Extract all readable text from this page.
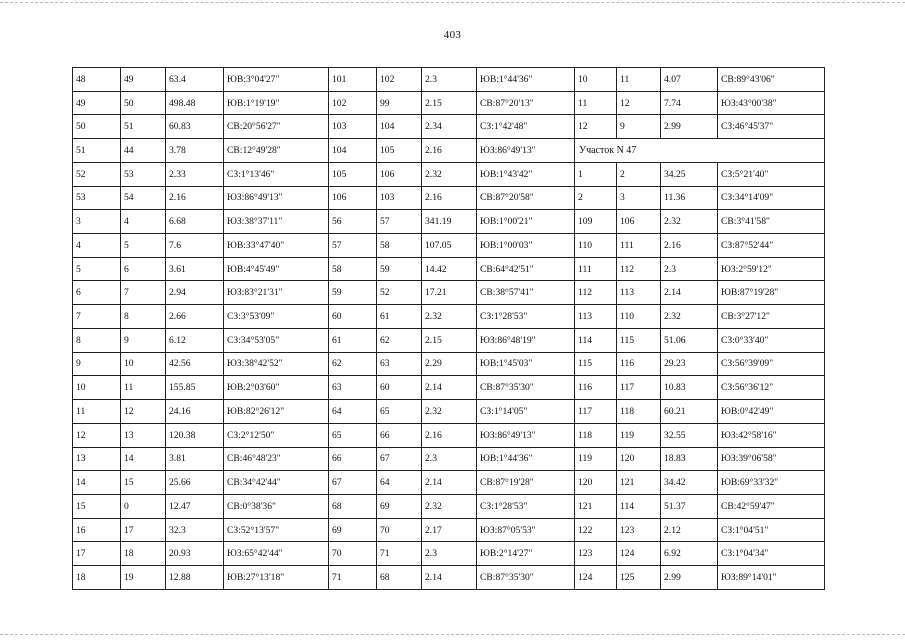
403
48	49	63.4	ЮВ:3°04'27"	101	102	2.3	ЮВ:1°44'36"	10	11	4.07	СВ:89°43'06"
49	50	498.48	ЮВ:1°19'19"	102	99	2.15	СВ:87°20'13"	11	12	7.74	ЮЗ:43°00'38"
50	51	60.83	СВ:20°56'27"	103	104	2.34	СЗ:1°42'48"	12	9	2.99	СЗ:46°45'37"
51	44	3.78	СВ:12°49'28"	104	105	2.16	ЮЗ:86°49'13"	Участок N 47			
52	53	2.33	СЗ:1°13'46"	105	106	2.32	ЮВ:1°43'42"	1	2	34.25	СЗ:5°21'40"
53	54	2.16	ЮЗ:86°49'13"	106	103	2.16	СВ:87°20'58"	2	3	11.36	СЗ:34°14'09"
3	4	6.68	ЮЗ:38°37'11"	56	57	341.19	ЮВ:1°00'21"	109	106	2.32	СВ:3°41'58"
4	5	7.6	ЮВ:33°47'40"	57	58	107.05	ЮВ:1°00'03"	110	111	2.16	СЗ:87°52'44"
5	6	3.61	ЮВ:4°45'49"	58	59	14.42	СВ:64°42'51"	111	112	2.3	ЮЗ:2°59'12"
6	7	2.94	ЮЗ:83°21'31"	59	52	17.21	СВ:38°57'41"	112	113	2.14	ЮВ:87°19'28"
7	8	2.66	СЗ:3°53'09"	60	61	2.32	СЗ:1°28'53"	113	110	2.32	СВ:3°27'12"
8	9	6.12	СЗ:34°53'05"	61	62	2.15	ЮЗ:86°48'19"	114	115	51.06	СЗ:0°33'40"
9	10	42.56	ЮЗ:38°42'52"	62	63	2.29	ЮВ:1°45'03"	115	116	29.23	СЗ:56°39'09"
10	11	155.85	ЮВ:2°03'60"	63	60	2.14	СВ:87°35'30"	116	117	10.83	СЗ:56°36'12"
11	12	24.16	ЮВ:82°26'12"	64	65	2.32	СЗ:1°14'05"	117	118	60.21	ЮВ:0°42'49"
12	13	120.38	СЗ:2°12'50"	65	66	2.16	ЮЗ:86°49'13"	118	119	32.55	ЮЗ:42°58'16"
13	14	3.81	СВ:46°48'23"	66	67	2.3	ЮВ:1°44'36"	119	120	18.83	ЮЗ:39°06'58"
14	15	25.66	СВ:34°42'44"	67	64	2.14	СВ:87°19'28"	120	121	34.42	ЮВ:69°33'32"
15	0	12.47	СВ:0°38'36"	68	69	2.32	СЗ:1°28'53"	121	114	51.37	СВ:42°59'47"
16	17	32.3	СЗ:52°13'57"	69	70	2.17	ЮЗ:87°05'53"	122	123	2.12	СЗ:1°04'51"
17	18	20.93	ЮЗ:65°42'44"	70	71	2.3	ЮВ:2°14'27"	123	124	6.92	СЗ:1°04'34"
18	19	12.88	ЮВ:27°13'18"	71	68	2.14	СВ:87°35'30"	124	125	2.99	ЮЗ:89°14'01"
